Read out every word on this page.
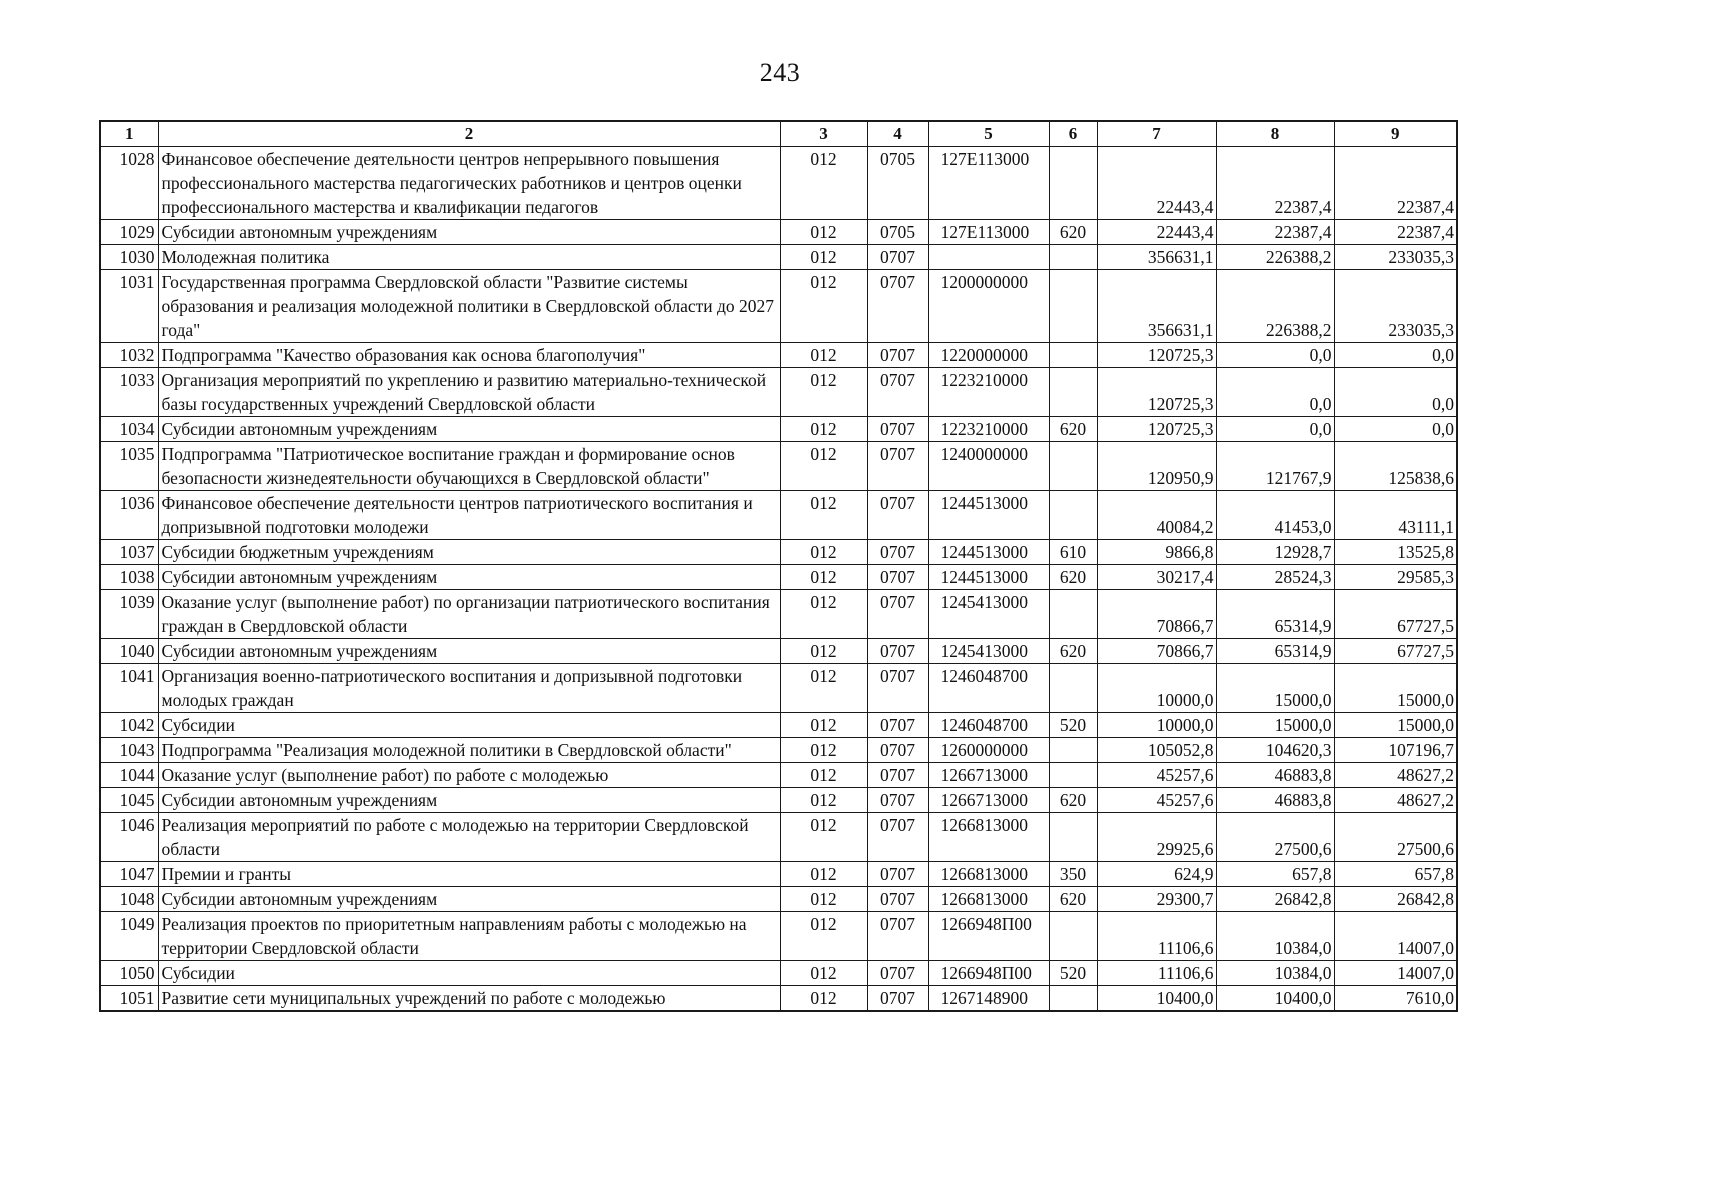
243
1	2	3	4	5	6	7	8	9
1028	Финансовое обеспечение деятельности центров непрерывного повышения профессионального мастерства педагогических работников и центров оценки профессионального мастерства и квалификации педагогов	012	0705	127Е113000		22443,4	22387,4	22387,4
1029	Субсидии автономным учреждениям	012	0705	127Е113000	620	22443,4	22387,4	22387,4
1030	Молодежная политика	012	0707			356631,1	226388,2	233035,3
1031	Государственная программа Свердловской области "Развитие системы образования и реализация молодежной политики в Свердловской области до 2027 года"	012	0707	1200000000		356631,1	226388,2	233035,3
1032	Подпрограмма "Качество образования как основа благополучия"	012	0707	1220000000		120725,3	0,0	0,0
1033	Организация мероприятий по укреплению и развитию материально-технической базы государственных учреждений Свердловской области	012	0707	1223210000		120725,3	0,0	0,0
1034	Субсидии автономным учреждениям	012	0707	1223210000	620	120725,3	0,0	0,0
1035	Подпрограмма "Патриотическое воспитание граждан и формирование основ безопасности жизнедеятельности обучающихся в Свердловской области"	012	0707	1240000000		120950,9	121767,9	125838,6
1036	Финансовое обеспечение деятельности центров патриотического воспитания и допризывной подготовки молодежи	012	0707	1244513000		40084,2	41453,0	43111,1
1037	Субсидии бюджетным учреждениям	012	0707	1244513000	610	9866,8	12928,7	13525,8
1038	Субсидии автономным учреждениям	012	0707	1244513000	620	30217,4	28524,3	29585,3
1039	Оказание услуг (выполнение работ) по организации патриотического воспитания граждан в Свердловской области	012	0707	1245413000		70866,7	65314,9	67727,5
1040	Субсидии автономным учреждениям	012	0707	1245413000	620	70866,7	65314,9	67727,5
1041	Организация военно-патриотического воспитания и допризывной подготовки молодых граждан	012	0707	1246048700		10000,0	15000,0	15000,0
1042	Субсидии	012	0707	1246048700	520	10000,0	15000,0	15000,0
1043	Подпрограмма "Реализация молодежной политики в Свердловской области"	012	0707	1260000000		105052,8	104620,3	107196,7
1044	Оказание услуг (выполнение работ) по работе с молодежью	012	0707	1266713000		45257,6	46883,8	48627,2
1045	Субсидии автономным учреждениям	012	0707	1266713000	620	45257,6	46883,8	48627,2
1046	Реализация мероприятий по работе с молодежью на территории Свердловской области	012	0707	1266813000		29925,6	27500,6	27500,6
1047	Премии и гранты	012	0707	1266813000	350	624,9	657,8	657,8
1048	Субсидии автономным учреждениям	012	0707	1266813000	620	29300,7	26842,8	26842,8
1049	Реализация проектов по приоритетным направлениям работы с молодежью на территории Свердловской области	012	0707	1266948П00		11106,6	10384,0	14007,0
1050	Субсидии	012	0707	1266948П00	520	11106,6	10384,0	14007,0
1051	Развитие сети муниципальных учреждений по работе с молодежью	012	0707	1267148900		10400,0	10400,0	7610,0
